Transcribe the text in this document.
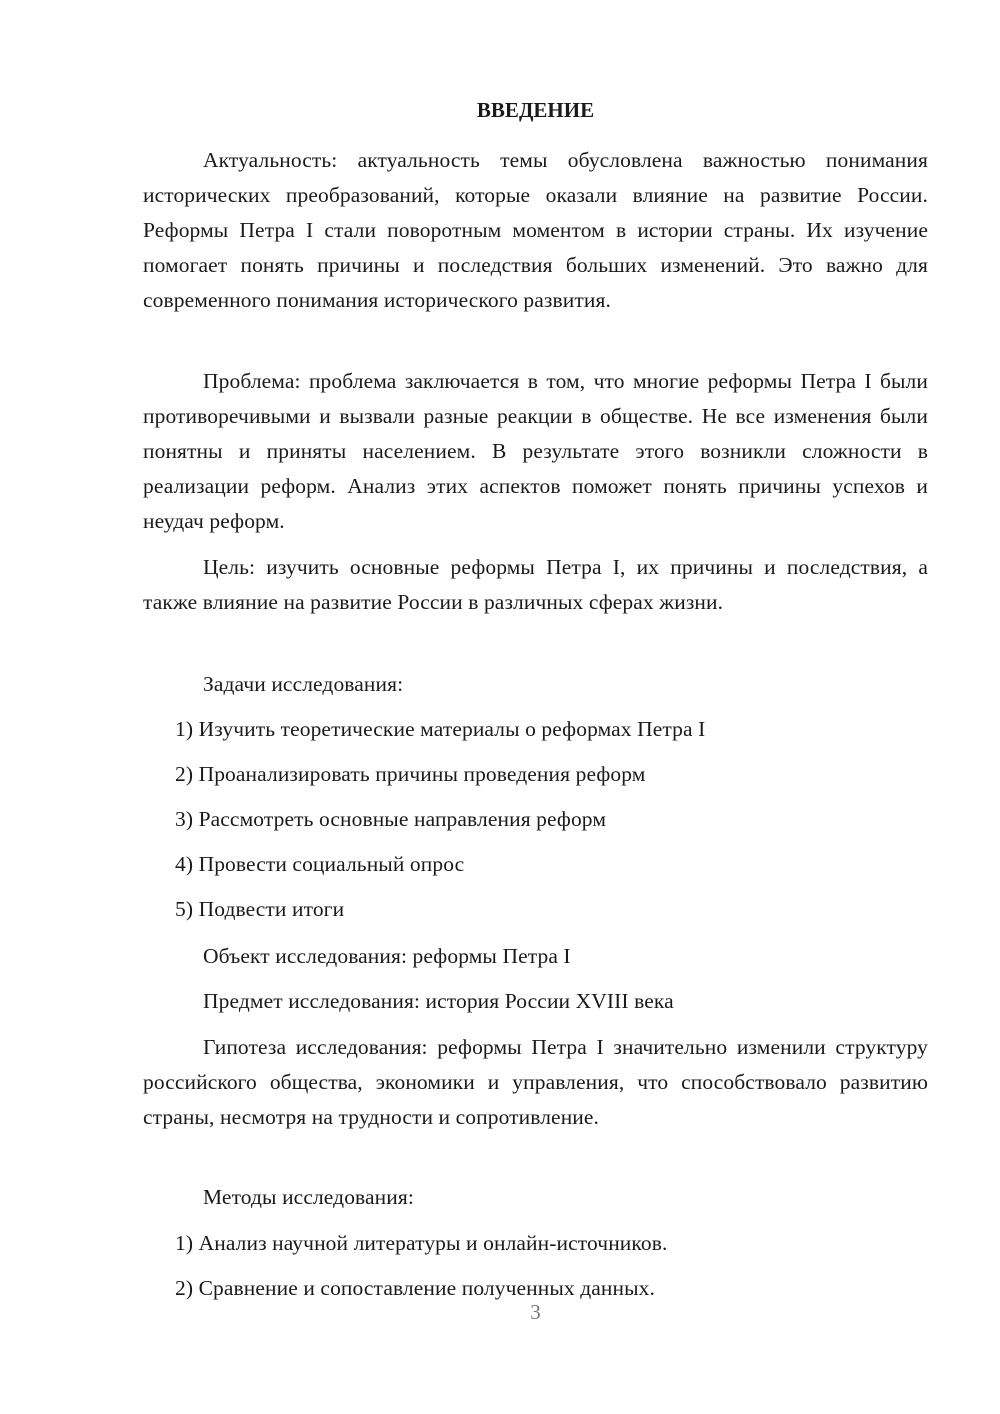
ВВЕДЕНИЕ

Актуальность: актуальность темы обусловлена важностью понимания исторических преобразований, которые оказали влияние на развитие России. Реформы Петра I стали поворотным моментом в истории страны. Их изучение помогает понять причины и последствия больших изменений. Это важно для современного понимания исторического развития.

Проблема: проблема заключается в том, что многие реформы Петра I были противоречивыми и вызвали разные реакции в обществе. Не все изменения были понятны и приняты населением. В результате этого возникли сложности в реализации реформ. Анализ этих аспектов поможет понять причины успехов и неудач реформ.

Цель: изучить основные реформы Петра I, их причины и последствия, а также влияние на развитие России в различных сферах жизни.

Задачи исследования:

1) Изучить теоретические материалы о реформах Петра I

2) Проанализировать причины проведения реформ

3) Рассмотреть основные направления реформ

4) Провести социальный опрос

5) Подвести итоги

Объект исследования: реформы Петра I

Предмет исследования: история России XVIII века

Гипотеза исследования: реформы Петра I значительно изменили структуру российского общества, экономики и управления, что способствовало развитию страны, несмотря на трудности и сопротивление.

Методы исследования:

1) Анализ научной литературы и онлайн-источников.

2) Сравнение и сопоставление полученных данных.

3
